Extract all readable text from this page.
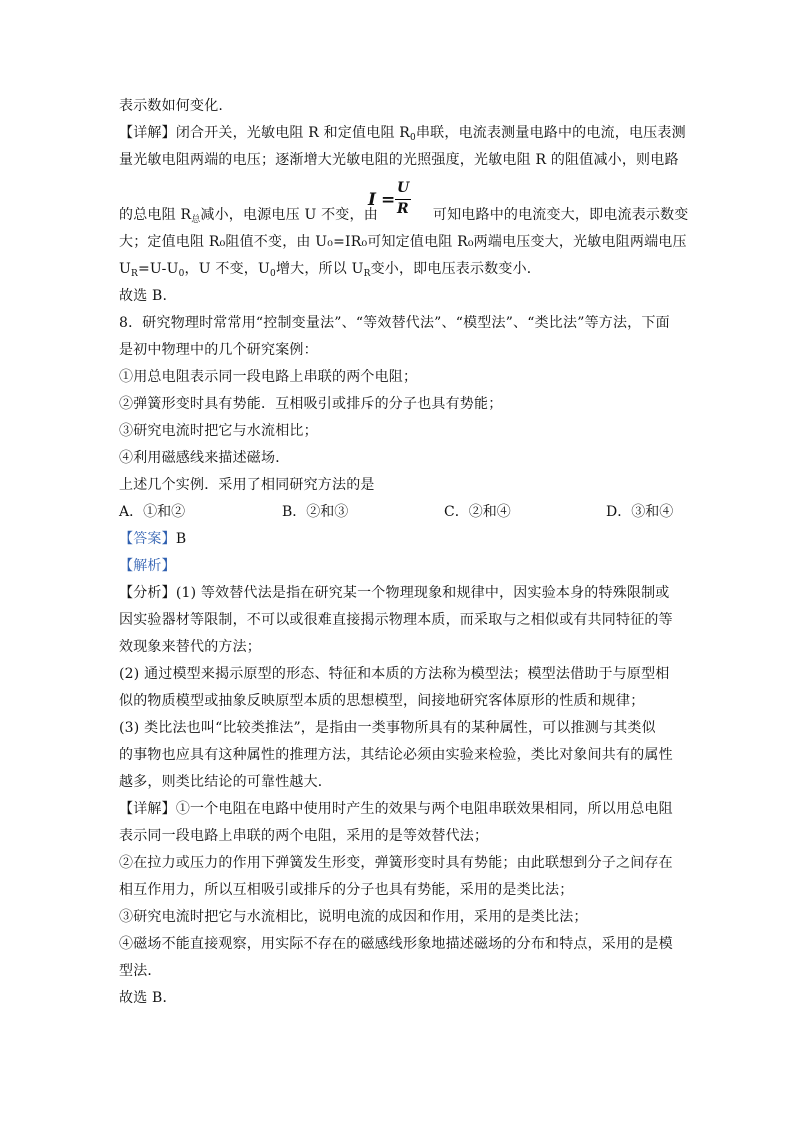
表示数如何变化.
【详解】闭合开关，光敏电阻 R 和定值电阻 $R_0$串联，电流表测量电路中的电流，电压表测
量光敏电阻两端的电压；逐渐增大光敏电阻的光照强度，光敏电阻 R 的阻值减小，则电路
的总电阻 $R_总$减小，电源电压 U 不变，由	可知电路中的电流变大，即电流表示数变
I =
U
R
大；定值电阻 R₀阻值不变，由 U₀=IR₀可知定值电阻 R₀两端电压变大，光敏电阻两端电压
$U_R=U-U_0$，U 不变，$U_0$增大，所以 $U_R$变小，即电压表示数变小．
故选 B.
8．研究物理时常常用“控制变量法”、“等效替代法”、“模型法”、“类比法”等方法，下面
是初中物理中的几个研究案例：
①用总电阻表示同一段电路上串联的两个电阻；
②弹簧形变时具有势能．互相吸引或排斥的分子也具有势能；
③研究电流时把它与水流相比；
④利用磁感线来描述磁场．
上述几个实例．采用了相同研究方法的是
A．①和②	B．②和③	C．②和④	D．③和④
【答案】B
【解析】
【分析】(1) 等效替代法是指在研究某一个物理现象和规律中，因实验本身的特殊限制或
因实验器材等限制，不可以或很难直接揭示物理本质，而采取与之相似或有共同特征的等
效现象来替代的方法；
(2) 通过模型来揭示原型的形态、特征和本质的方法称为模型法；模型法借助于与原型相
似的物质模型或抽象反映原型本质的思想模型，间接地研究客体原形的性质和规律；
(3) 类比法也叫“比较类推法”，是指由一类事物所具有的某种属性，可以推测与其类似
的事物也应具有这种属性的推理方法，其结论必须由实验来检验，类比对象间共有的属性
越多，则类比结论的可靠性越大．
【详解】①一个电阻在电路中使用时产生的效果与两个电阻串联效果相同，所以用总电阻
表示同一段电路上串联的两个电阻，采用的是等效替代法；
②在拉力或压力的作用下弹簧发生形变，弹簧形变时具有势能；由此联想到分子之间存在
相互作用力，所以互相吸引或排斥的分子也具有势能，采用的是类比法；
③研究电流时把它与水流相比，说明电流的成因和作用，采用的是类比法；
④磁场不能直接观察，用实际不存在的磁感线形象地描述磁场的分布和特点，采用的是模
型法．
故选 B．
